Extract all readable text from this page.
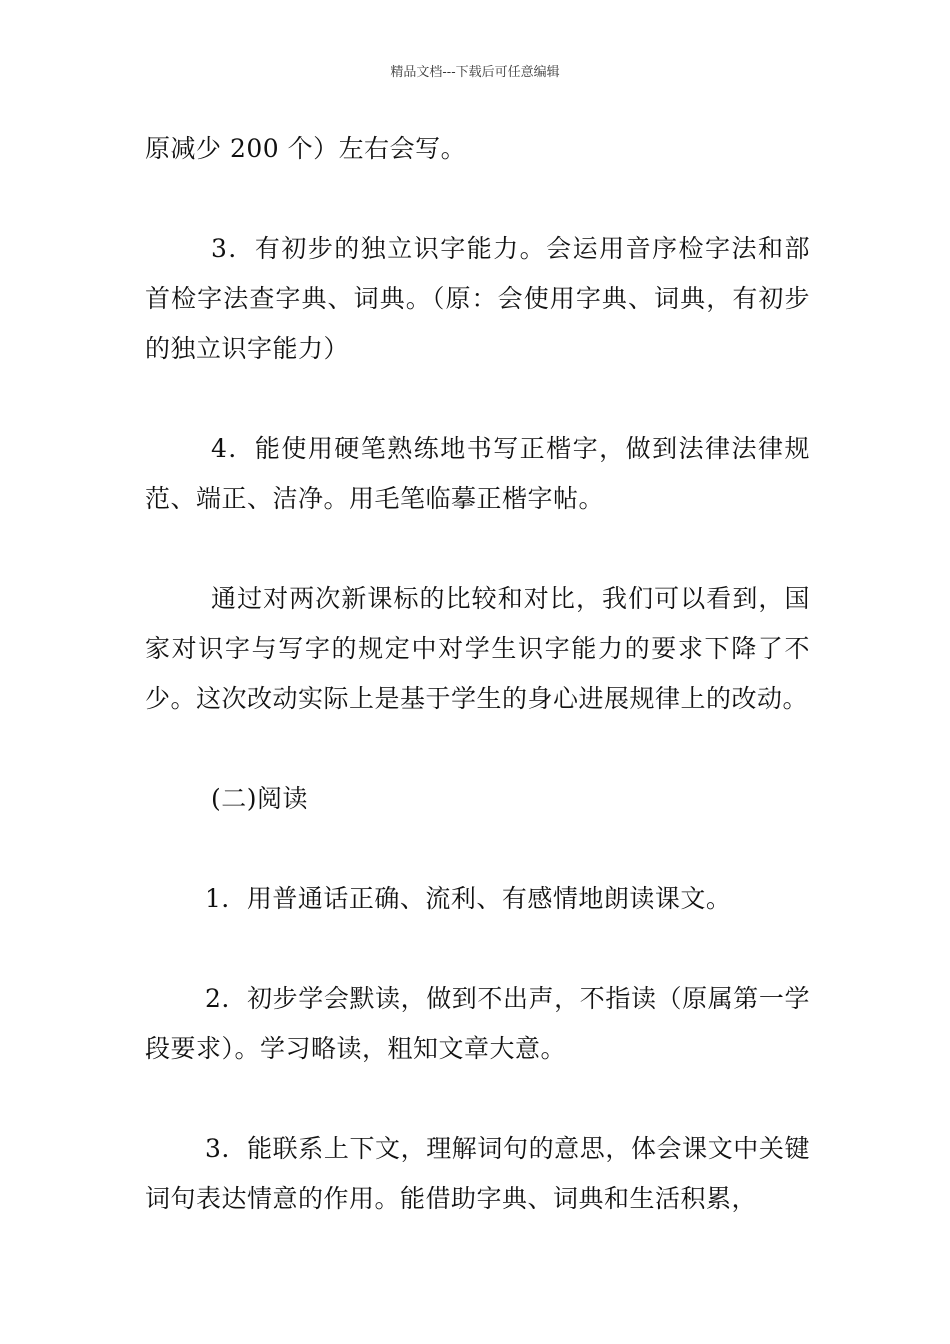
精品文档---下载后可任意编辑

原减少 200 个）左右会写。

3．有初步的独立识字能力。会运用音序检字法和部首检字法查字典、词典。（原：会使用字典、词典，有初步的独立识字能力）

4．能使用硬笔熟练地书写正楷字，做到法律法律规范、端正、洁净。用毛笔临摹正楷字帖。

通过对两次新课标的比较和对比，我们可以看到，国家对识字与写字的规定中对学生识字能力的要求下降了不少。这次改动实际上是基于学生的身心进展规律上的改动。

(二)阅读

1．用普通话正确、流利、有感情地朗读课文。

2．初步学会默读，做到不出声，不指读（原属第一学段要求）。学习略读，粗知文章大意。

3．能联系上下文，理解词句的意思，体会课文中关键词句表达情意的作用。能借助字典、词典和生活积累，
